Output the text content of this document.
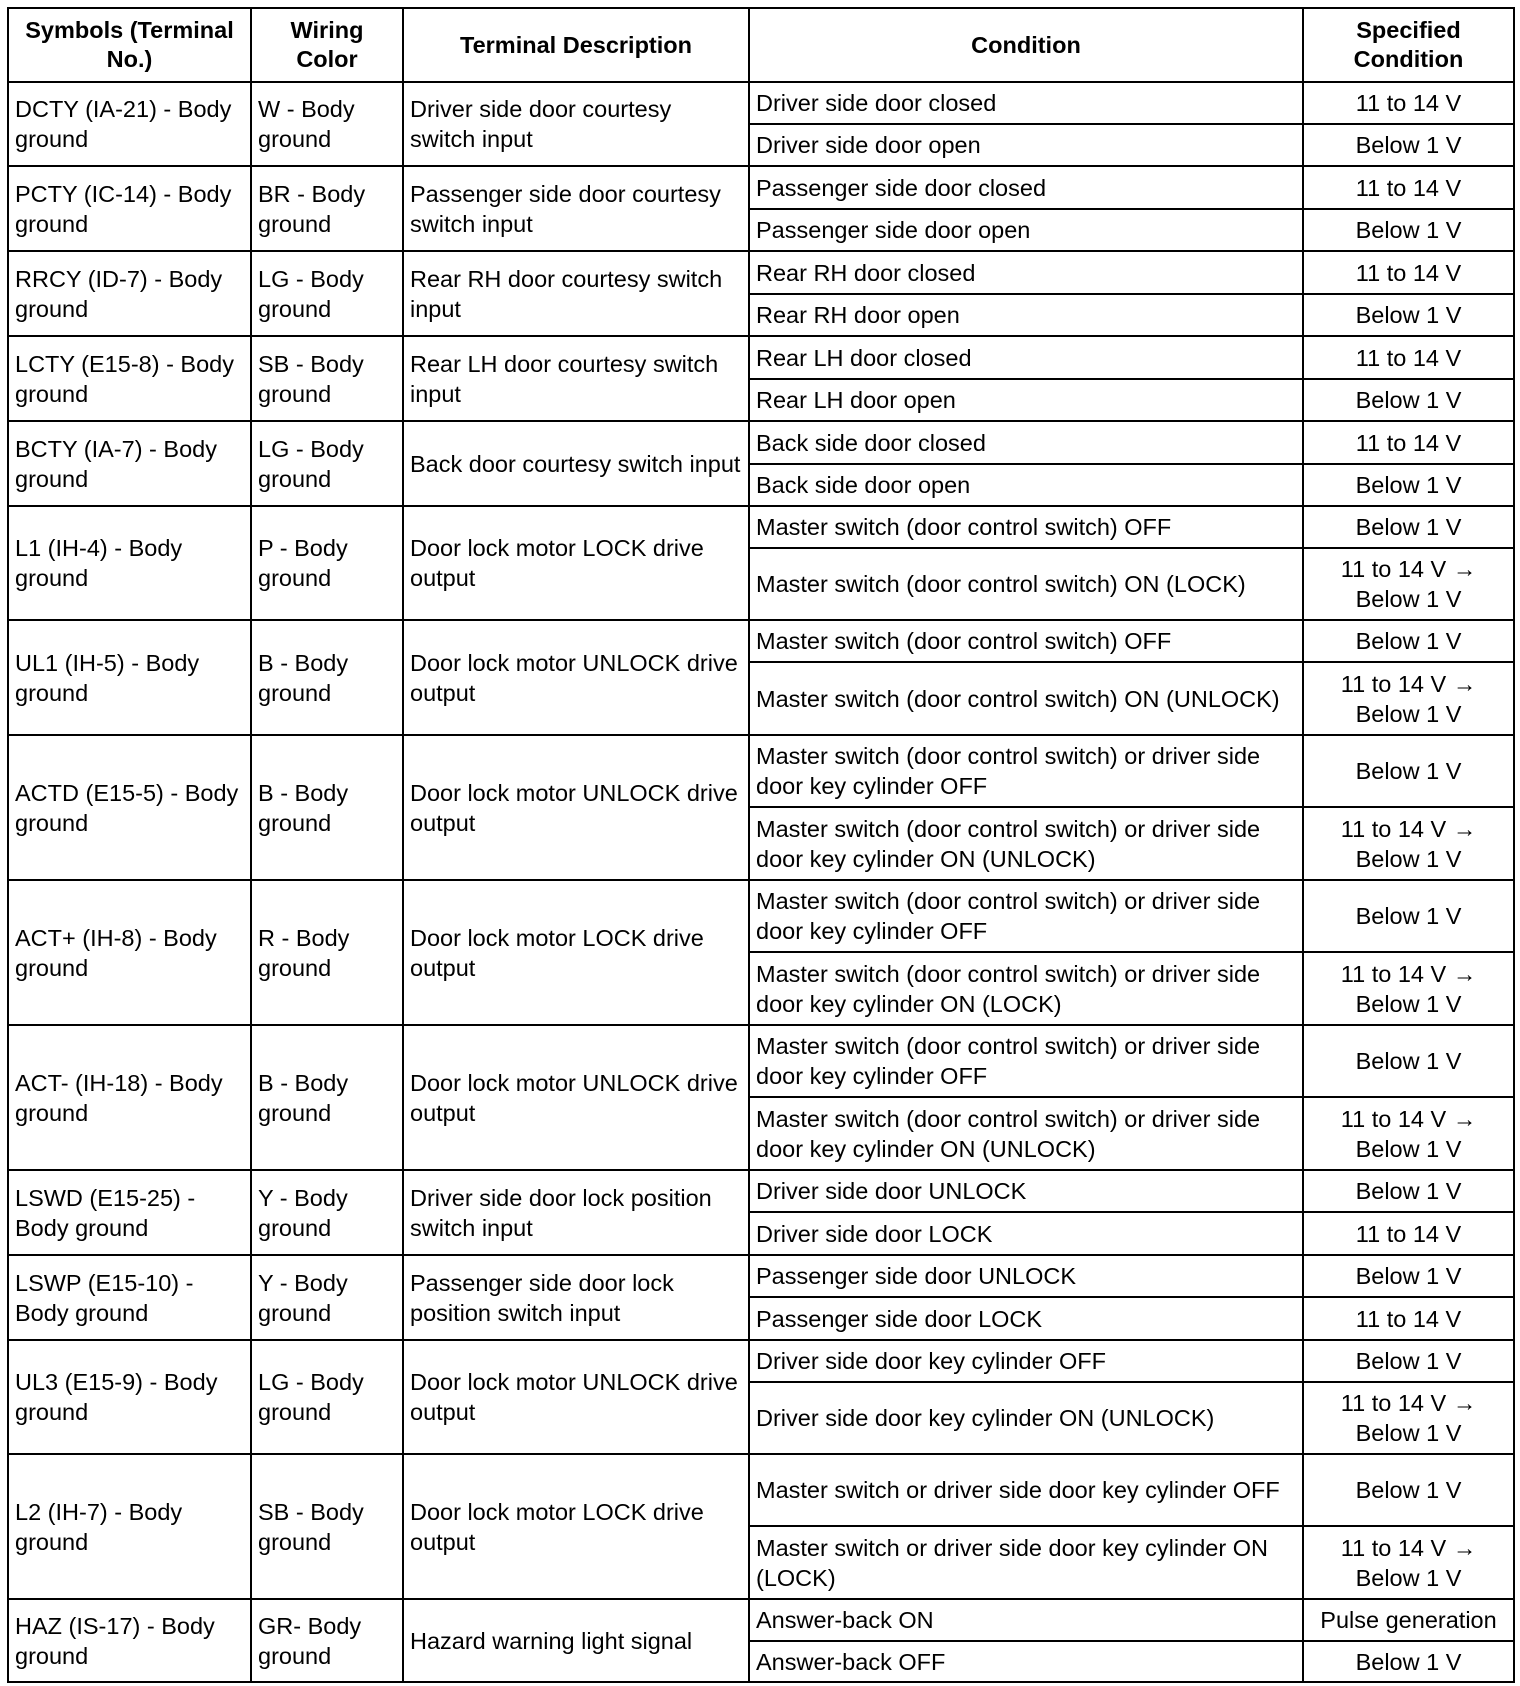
Symbols (Terminal No.)	Wiring Color	Terminal Description	Condition	Specified Condition
DCTY (IA-21) - Body ground	W - Body ground	Driver side door courtesy switch input	Driver side door closed	11 to 14 V
			Driver side door open	Below 1 V
PCTY (IC-14) - Body ground	BR - Body ground	Passenger side door courtesy switch input	Passenger side door closed	11 to 14 V
			Passenger side door open	Below 1 V
RRCY (ID-7) - Body ground	LG - Body ground	Rear RH door courtesy switch input	Rear RH door closed	11 to 14 V
			Rear RH door open	Below 1 V
LCTY (E15-8) - Body ground	SB - Body ground	Rear LH door courtesy switch input	Rear LH door closed	11 to 14 V
			Rear LH door open	Below 1 V
BCTY (IA-7) - Body ground	LG - Body ground	Back door courtesy switch input	Back side door closed	11 to 14 V
			Back side door open	Below 1 V
L1 (IH-4) - Body ground	P - Body ground	Door lock motor LOCK drive output	Master switch (door control switch) OFF	Below 1 V
			Master switch (door control switch) ON (LOCK)	11 to 14 V → Below 1 V
UL1 (IH-5) - Body ground	B - Body ground	Door lock motor UNLOCK drive output	Master switch (door control switch) OFF	Below 1 V
			Master switch (door control switch) ON (UNLOCK)	11 to 14 V → Below 1 V
ACTD (E15-5) - Body ground	B - Body ground	Door lock motor UNLOCK drive output	Master switch (door control switch) or driver side door key cylinder OFF	Below 1 V
			Master switch (door control switch) or driver side door key cylinder ON (UNLOCK)	11 to 14 V → Below 1 V
ACT+ (IH-8) - Body ground	R - Body ground	Door lock motor LOCK drive output	Master switch (door control switch) or driver side door key cylinder OFF	Below 1 V
			Master switch (door control switch) or driver side door key cylinder ON (LOCK)	11 to 14 V → Below 1 V
ACT- (IH-18) - Body ground	B - Body ground	Door lock motor UNLOCK drive output	Master switch (door control switch) or driver side door key cylinder OFF	Below 1 V
			Master switch (door control switch) or driver side door key cylinder ON (UNLOCK)	11 to 14 V → Below 1 V
LSWD (E15-25) - Body ground	Y - Body ground	Driver side door lock position switch input	Driver side door UNLOCK	Below 1 V
			Driver side door LOCK	11 to 14 V
LSWP (E15-10) - Body ground	Y - Body ground	Passenger side door lock position switch input	Passenger side door UNLOCK	Below 1 V
			Passenger side door LOCK	11 to 14 V
UL3 (E15-9) - Body ground	LG - Body ground	Door lock motor UNLOCK drive output	Driver side door key cylinder OFF	Below 1 V
			Driver side door key cylinder ON (UNLOCK)	11 to 14 V → Below 1 V
L2 (IH-7) - Body ground	SB - Body ground	Door lock motor LOCK drive output	Master switch or driver side door key cylinder OFF	Below 1 V
			Master switch or driver side door key cylinder ON (LOCK)	11 to 14 V → Below 1 V
HAZ (IS-17) - Body ground	GR- Body ground	Hazard warning light signal	Answer-back ON	Pulse generation
			Answer-back OFF	Below 1 V
